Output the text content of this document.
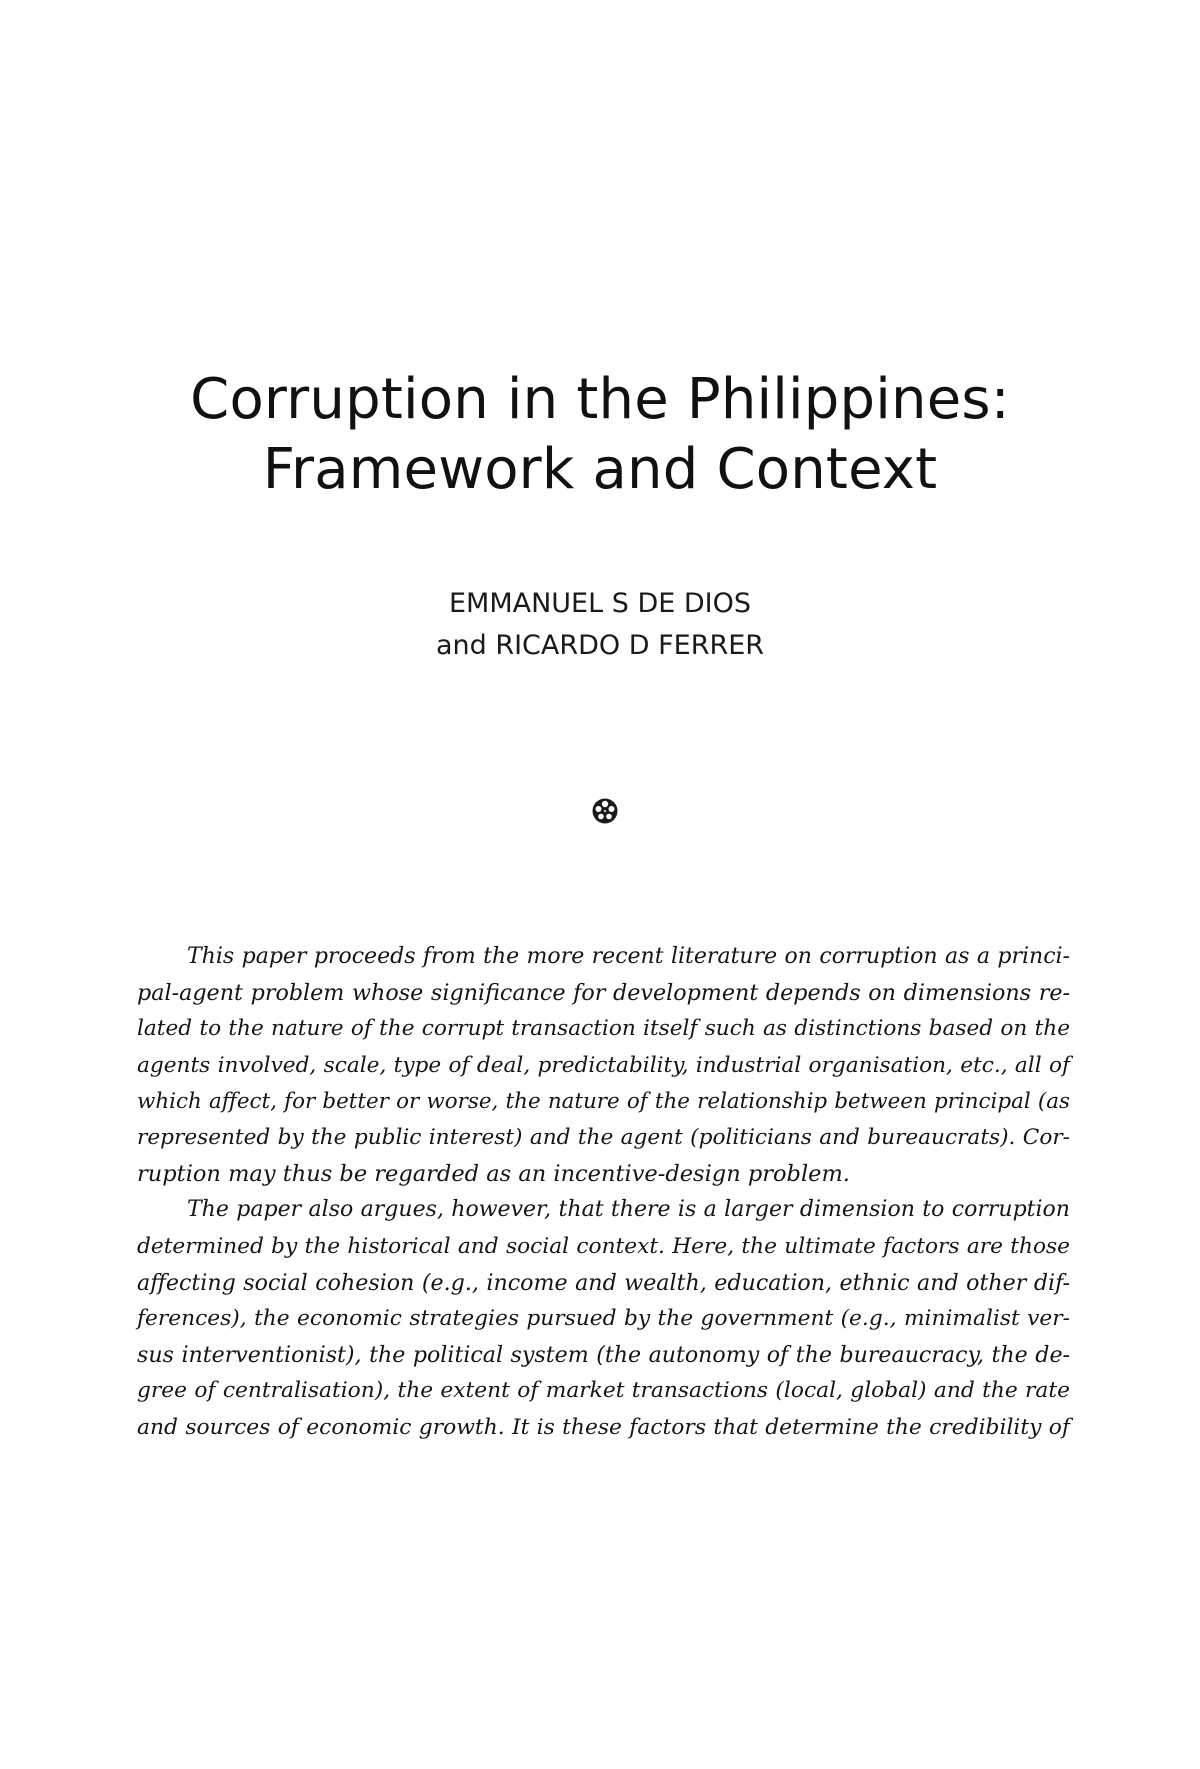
Corruption in the Philippines:
Framework and Context
EMMANUEL S DE DIOS
and RICARDO D FERRER
This paper proceeds from the more recent literature on corruption as a princi-
pal-agent problem whose significance for development depends on dimensions re-
lated to the nature of the corrupt transaction itself such as distinctions based on the
agents involved, scale, type of deal, predictability, industrial organisation, etc., all of
which affect, for better or worse, the nature of the relationship between principal (as
represented by the public interest) and the agent (politicians and bureaucrats). Cor-
ruption may thus be regarded as an incentive-design problem.
The paper also argues, however, that there is a larger dimension to corruption
determined by the historical and social context. Here, the ultimate factors are those
affecting social cohesion (e.g., income and wealth, education, ethnic and other dif-
ferences), the economic strategies pursued by the government (e.g., minimalist ver-
sus interventionist), the political system (the autonomy of the bureaucracy, the de-
gree of centralisation), the extent of market transactions (local, global) and the rate
and sources of economic growth. It is these factors that determine the credibility of
